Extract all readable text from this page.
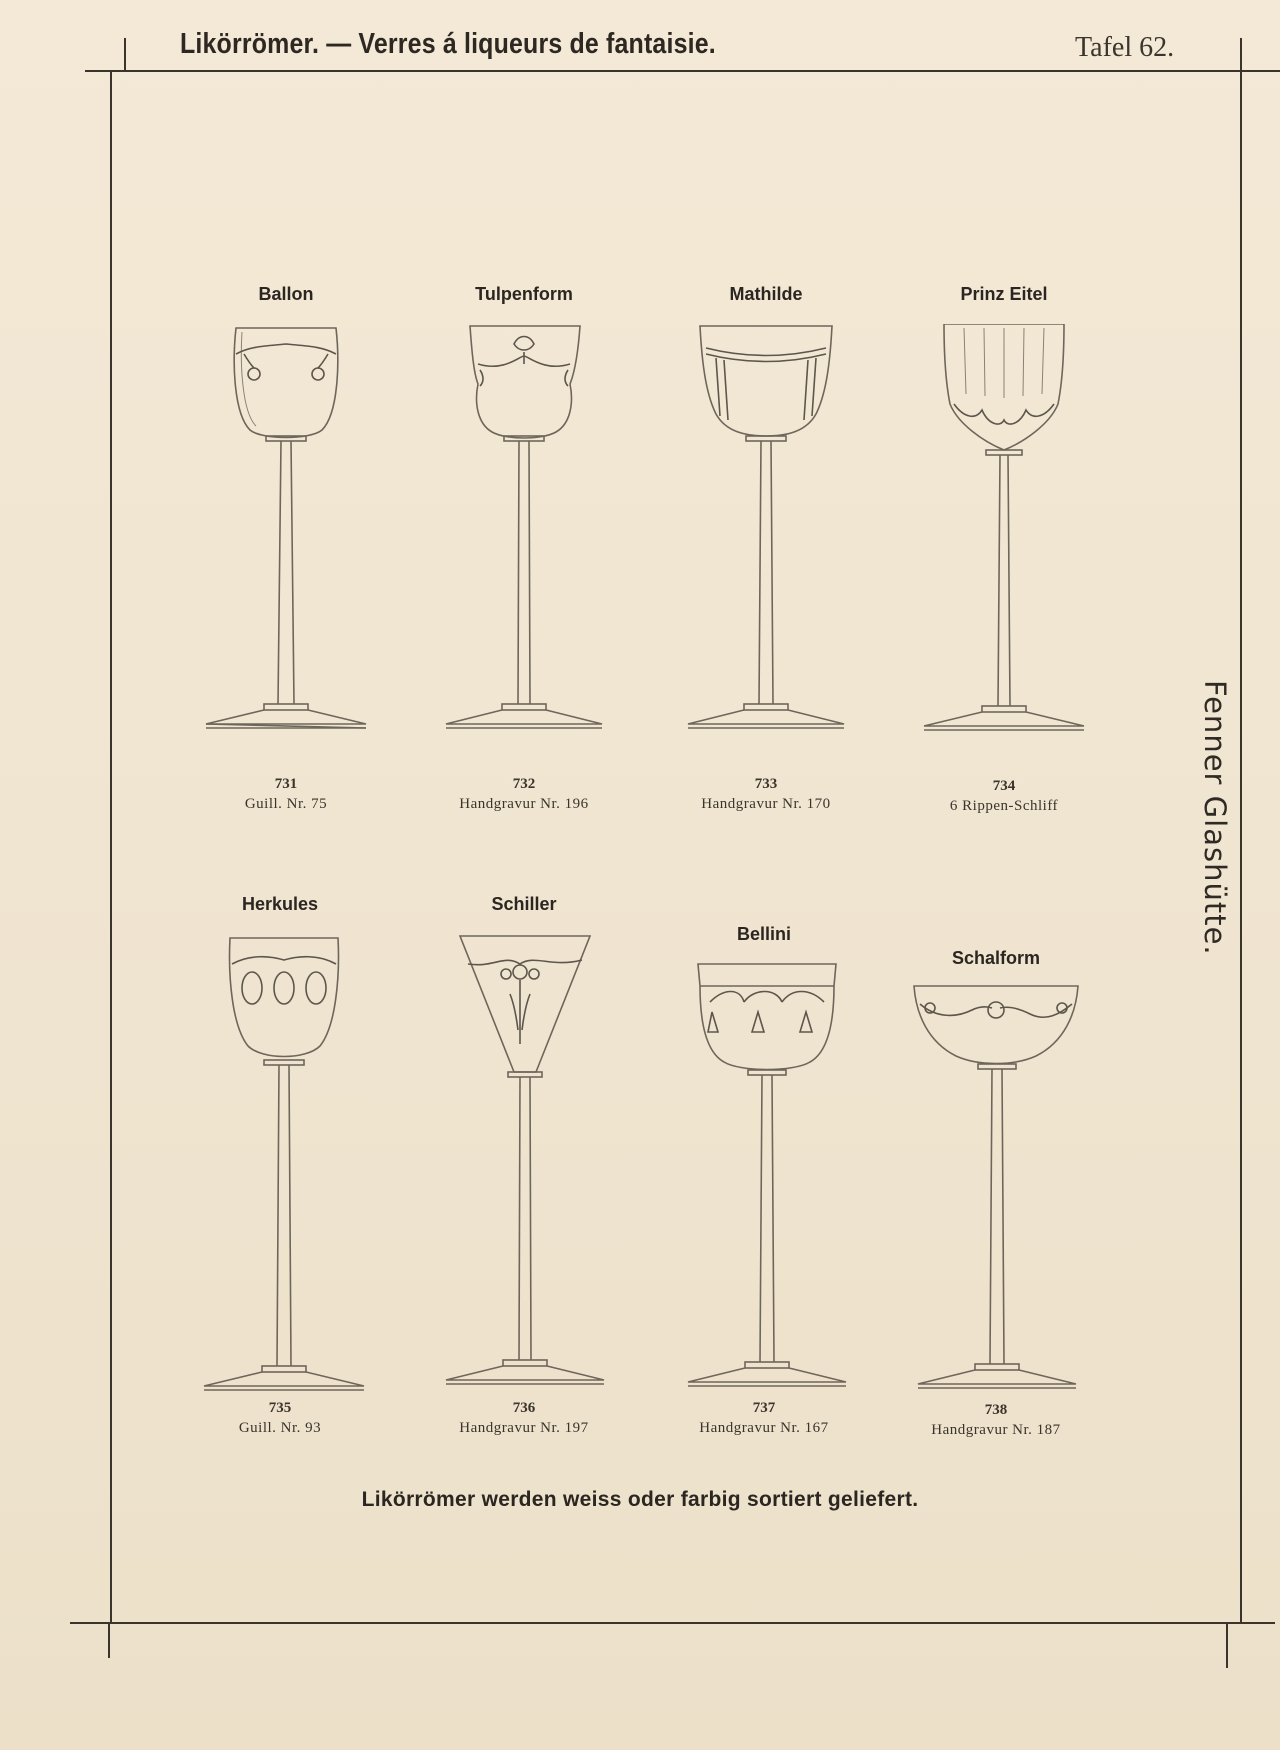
Likörrömer. — Verres á liqueurs de fantaisie.	Tafel 62.
Fenner Glashütte.
Ballon
731
Guill. Nr. 75
Tulpenform
732
Handgravur Nr. 196
Mathilde
733
Handgravur Nr. 170
Prinz Eitel
734
6 Rippen-Schliff
Herkules
735
Guill. Nr. 93
Schiller
736
Handgravur Nr. 197
Bellini
737
Handgravur Nr. 167
Schalform
738
Handgravur Nr. 187
Likörrömer werden weiss oder farbig sortiert geliefert.
